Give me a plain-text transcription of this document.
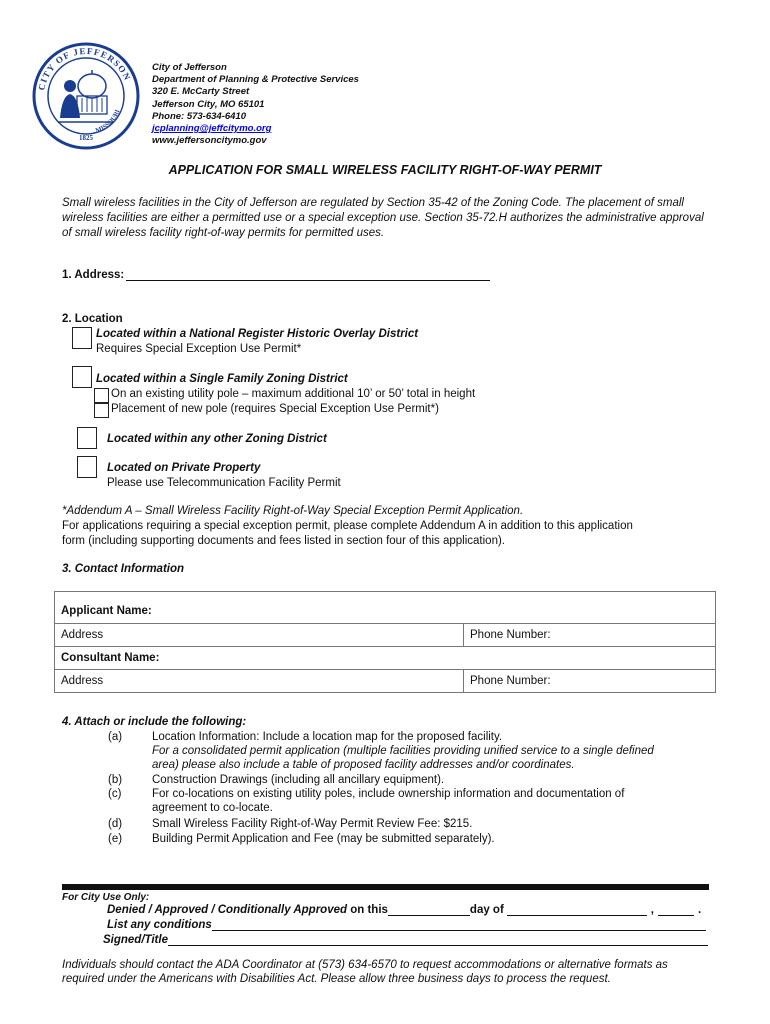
CITY OF JEFFERSON
1825
MISSOURI
City of Jefferson
Department of Planning & Protective Services
320 E. McCarty Street
Jefferson City, MO 65101
Phone: 573-634-6410
jcplanning@jeffcitymo.org
www.jeffersoncitymo.gov
APPLICATION FOR SMALL WIRELESS FACILITY RIGHT-OF-WAY PERMIT
Small wireless facilities in the City of Jefferson are regulated by Section 35-42 of the Zoning Code. The placement of small wireless facilities are either a permitted use or a special exception use. Section 35-72.H authorizes the administrative approval of small wireless facility right-of-way permits for permitted uses.
1. Address:
2. Location
Located within a National Register Historic Overlay District
Requires Special Exception Use Permit*
Located within a Single Family Zoning District
On an existing utility pole – maximum additional 10’ or 50’ total in height
Placement of new pole (requires Special Exception Use Permit*)
Located within any other Zoning District
Located on Private Property
Please use Telecommunication Facility Permit
*Addendum A – Small Wireless Facility Right-of-Way Special Exception Permit Application.
For applications requiring a special exception permit, please complete Addendum A in addition to this application
form (including supporting documents and fees listed in section four of this application).
3. Contact Information
Applicant Name:	
Address	Phone Number:
Consultant Name:	
Address	Phone Number:
4. Attach or include the following:
(a)	Location Information: Include a location map for the proposed facility.
For a consolidated permit application (multiple facilities providing unified service to a single defined
area) please also include a table of proposed facility addresses and/or coordinates.
(b)	Construction Drawings (including all ancillary equipment).
(c)	For co-locations on existing utility poles, include ownership information and documentation of
agreement to co-locate.
(d)	Small Wireless Facility Right-of-Way Permit Review Fee: $215.
(e)	Building Permit Application and Fee (may be submitted separately).
For City Use Only:
Denied / Approved / Conditionally Approved on this	day of	,	.
List any conditions
Signed/Title
Individuals should contact the ADA Coordinator at (573) 634-6570 to request accommodations or alternative formats as required under the Americans with Disabilities Act. Please allow three business days to process the request.
